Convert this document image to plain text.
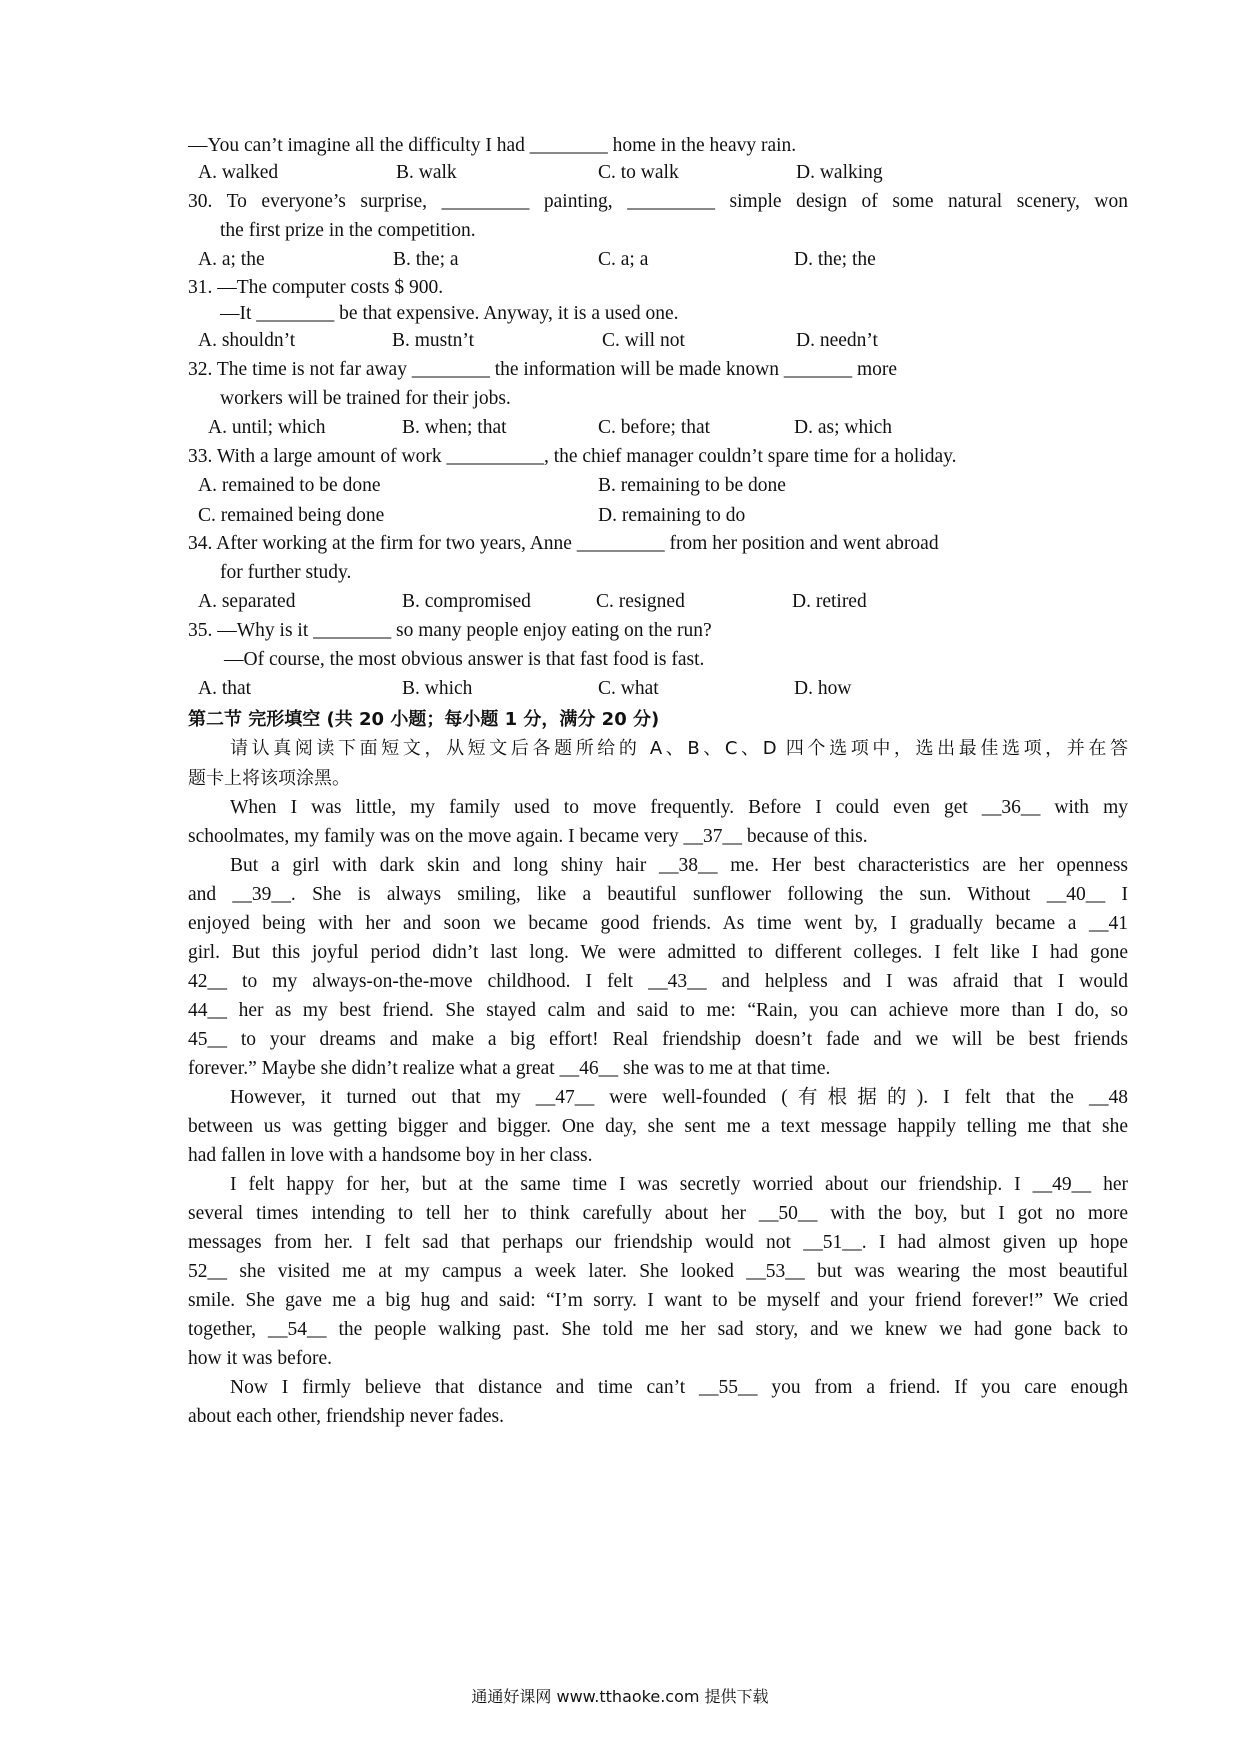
—You can’t imagine all the difficulty I had ________ home in the heavy rain.
A. walked	B. walk	C. to walk	D. walking
30. To everyone’s surprise, _________ painting, _________ simple design of some natural scenery, won
the first prize in the competition.
A. a; the	B. the; a	C. a; a	D. the; the
31. —The computer costs $ 900.
—It ________ be that expensive. Anyway, it is a used one.
A. shouldn’t	B. mustn’t	C. will not	D. needn’t
32. The time is not far away ________ the information will be made known _______ more
workers will be trained for their jobs.
A. until; which	B. when; that	C. before; that	D. as; which
33. With a large amount of work __________, the chief manager couldn’t spare time for a holiday.
A. remained to be done	B. remaining to be done
C. remained being done	D. remaining to do
34. After working at the firm for two years, Anne _________ from her position and went abroad
for further study.
A. separated	B. compromised	C. resigned	D. retired
35. —Why is it ________ so many people enjoy eating on the run?
—Of course, the most obvious answer is that fast food is fast.
A. that	B. which	C. what	D. how
第二节 完形填空 (共 20 小题；每小题 1 分，满分 20 分)
请认真阅读下面短文，从短文后各题所给的 A、B、C、D 四个选项中，选出最佳选项，并在答
题卡上将该项涂黑。
When I was little, my family used to move frequently. Before I could even get __36__ with my
schoolmates, my family was on the move again. I became very __37__ because of this.
But a girl with dark skin and long shiny hair __38__ me. Her best characteristics are her openness
and __39__. She is always smiling, like a beautiful sunflower following the sun. Without __40__ I
enjoyed being with her and soon we became good friends. As time went by, I gradually became a __41
girl. But this joyful period didn’t last long. We were admitted to different colleges. I felt like I had gone
42__ to my always-on-the-move childhood. I felt __43__ and helpless and I was afraid that I would
44__ her as my best friend. She stayed calm and said to me: “Rain, you can achieve more than I do, so
45__ to your dreams and make a big effort! Real friendship doesn’t fade and we will be best friends
forever.” Maybe she didn’t realize what a great __46__ she was to me at that time.
However, it turned out that my __47__ were well-founded (有根据的). I felt that the __48
between us was getting bigger and bigger. One day, she sent me a text message happily telling me that she
had fallen in love with a handsome boy in her class.
I felt happy for her, but at the same time I was secretly worried about our friendship. I __49__ her
several times intending to tell her to think carefully about her __50__ with the boy, but I got no more
messages from her. I felt sad that perhaps our friendship would not __51__. I had almost given up hope
52__ she visited me at my campus a week later. She looked __53__ but was wearing the most beautiful
smile. She gave me a big hug and said: “I’m sorry. I want to be myself and your friend forever!” We cried
together, __54__ the people walking past. She told me her sad story, and we knew we had gone back to
how it was before.
Now I firmly believe that distance and time can’t __55__ you from a friend. If you care enough
about each other, friendship never fades.
通通好课网 www.tthaoke.com 提供下载
